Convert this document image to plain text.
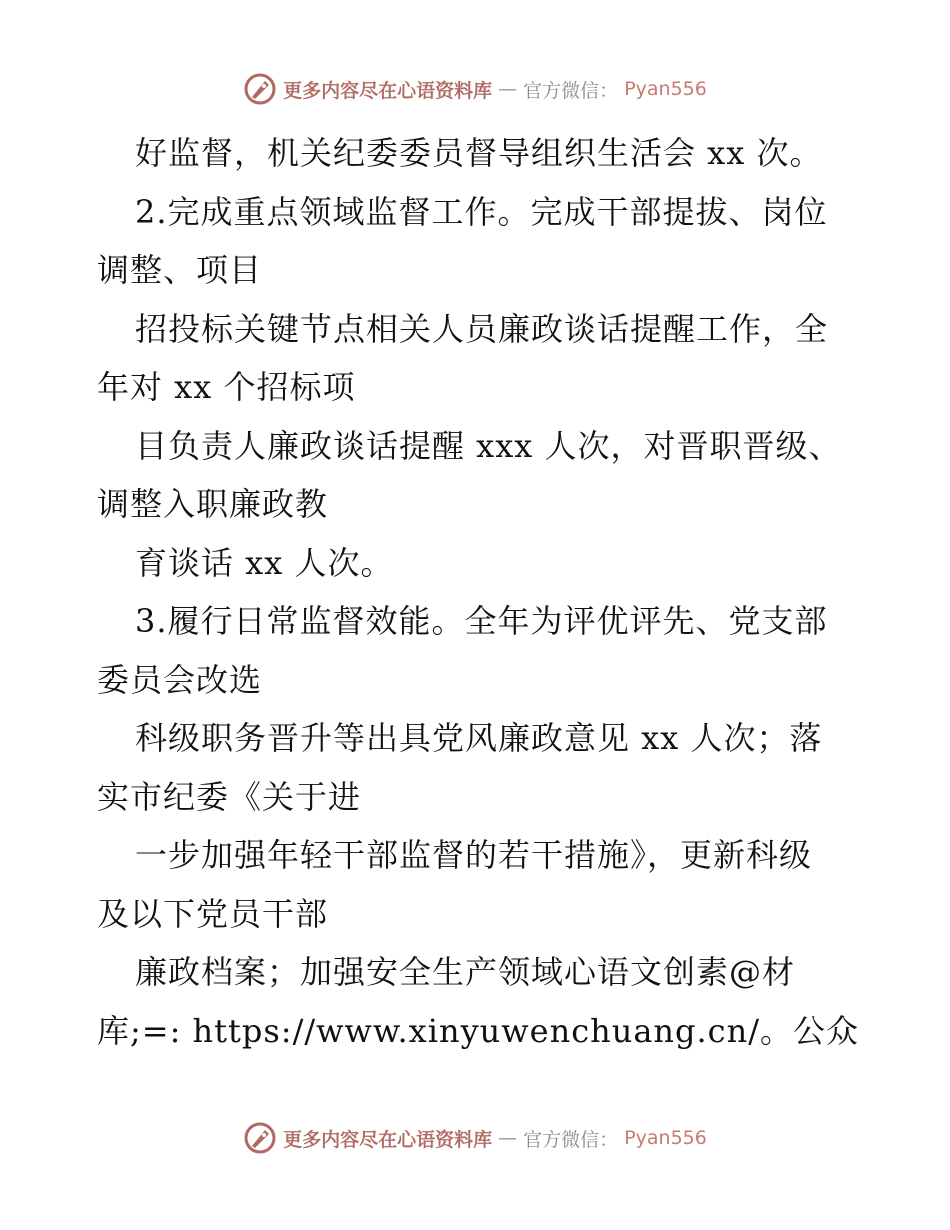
更多内容尽在心语资料库 — 官方微信： Pyan556

好监督，机关纪委委员督导组织生活会 xx 次。

2.完成重点领域监督工作。完成干部提拔、岗位

调整、项目

招投标关键节点相关人员廉政谈话提醒工作，全

年对 xx 个招标项

目负责人廉政谈话提醒 xxx 人次，对晋职晋级、

调整入职廉政教

育谈话 xx 人次。

3.履行日常监督效能。全年为评优评先、党支部

委员会改选

科级职务晋升等出具党风廉政意见 xx 人次；落

实市纪委《关于进

一步加强年轻干部监督的若干措施》，更新科级

及以下党员干部

廉政档案；加强安全生产领域心语文创素@材

库;=: https://www.xinyuwenchuang.cn/。公众

更多内容尽在心语资料库 — 官方微信： Pyan556
